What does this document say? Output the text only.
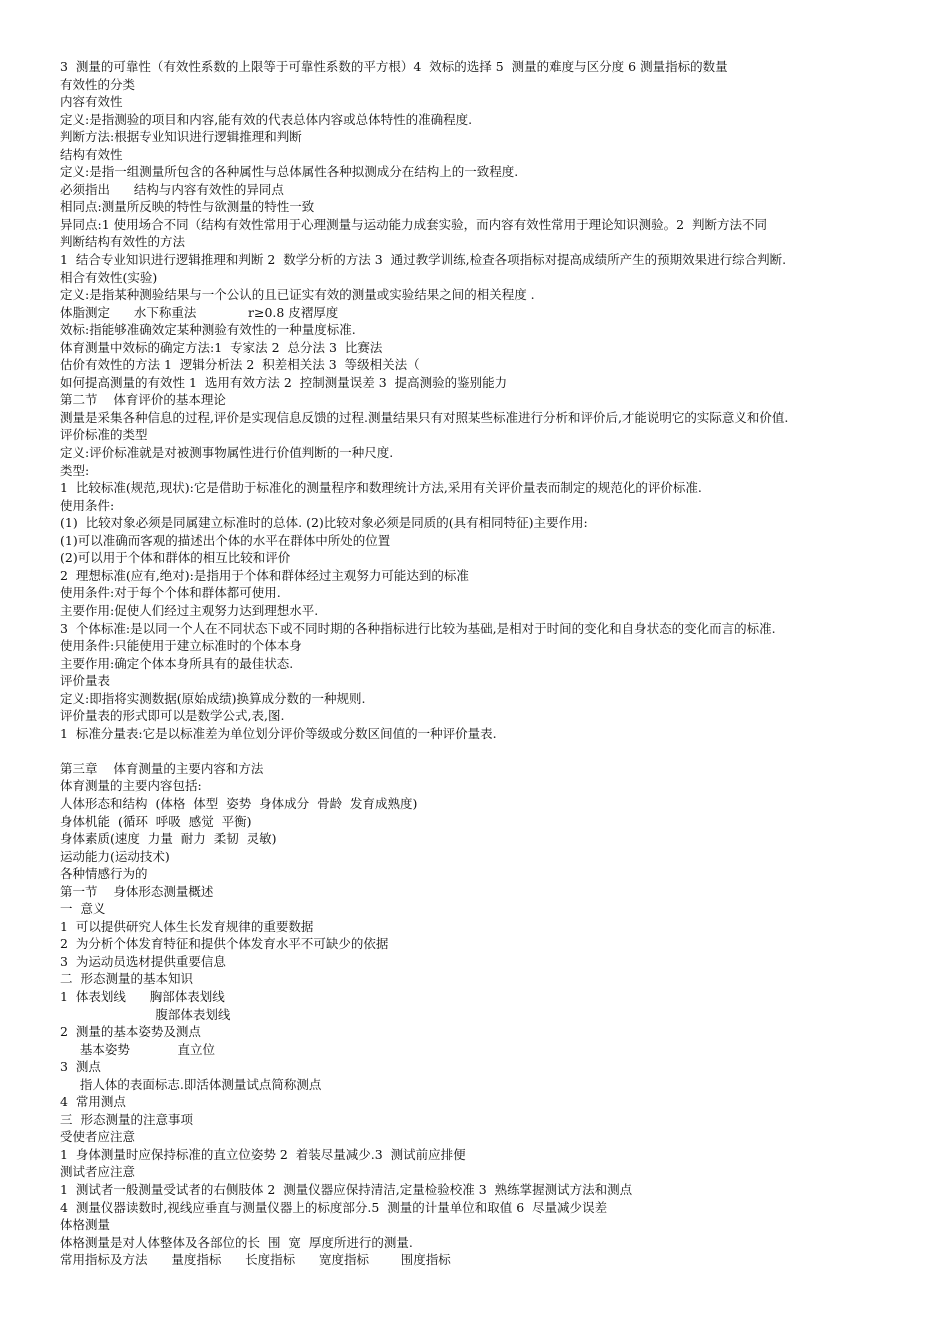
3  测量的可靠性（有效性系数的上限等于可靠性系数的平方根）4  效标的选择 5  测量的难度与区分度 6 测量指标的数量
有效性的分类
内容有效性
定义:是指测验的项目和内容,能有效的代表总体内容或总体特性的准确程度.
判断方法:根据专业知识进行逻辑推理和判断
结构有效性
定义:是指一组测量所包含的各种属性与总体属性各种拟测成分在结构上的一致程度.
必须指出      结构与内容有效性的异同点
相同点:测量所反映的特性与欲测量的特性一致
异同点:1 使用场合不同（结构有效性常用于心理测量与运动能力成套实验，而内容有效性常用于理论知识测验。2  判断方法不同
判断结构有效性的方法
1  结合专业知识进行逻辑推理和判断 2  数学分析的方法 3  通过教学训练,检查各项指标对提高成绩所产生的预期效果进行综合判断.
相合有效性(实验)
定义:是指某种测验结果与一个公认的且已证实有效的测量或实验结果之间的相关程度 .
体脂测定      水下称重法             r≥0.8 皮褶厚度
效标:指能够准确效定某种测验有效性的一种量度标准.
体育测量中效标的确定方法:1  专家法 2  总分法 3  比赛法
估价有效性的方法 1  逻辑分析法 2  积差相关法 3  等级相关法（
如何提高测量的有效性 1  选用有效方法 2  控制测量误差 3  提高测验的鉴别能力
第二节    体育评价的基本理论
测量是采集各种信息的过程,评价是实现信息反馈的过程.测量结果只有对照某些标准进行分析和评价后,才能说明它的实际意义和价值.
评价标准的类型
定义:评价标准就是对被测事物属性进行价值判断的一种尺度.
类型:
1  比较标准(规范,现状):它是借助于标准化的测量程序和数理统计方法,采用有关评价量表而制定的规范化的评价标准.
使用条件:
(1)  比较对象必须是同属建立标准时的总体. (2)比较对象必须是同质的(具有相同特征)主要作用:
(1)可以准确而客观的描述出个体的水平在群体中所处的位置
(2)可以用于个体和群体的相互比较和评价
2  理想标准(应有,绝对):是指用于个体和群体经过主观努力可能达到的标准
使用条件:对于每个个体和群体都可使用.
主要作用:促使人们经过主观努力达到理想水平.
3  个体标准:是以同一个人在不同状态下或不同时期的各种指标进行比较为基础,是相对于时间的变化和自身状态的变化而言的标准.
使用条件:只能使用于建立标准时的个体本身
主要作用:确定个体本身所具有的最佳状态.
评价量表
定义:即指将实测数据(原始成绩)换算成分数的一种规则.
评价量表的形式即可以是数学公式,表,图.
1  标准分量表:它是以标准差为单位划分评价等级或分数区间值的一种评价量表.
第三章    体育测量的主要内容和方法
体育测量的主要内容包括:
人体形态和结构  (体格  体型  姿势  身体成分  骨龄  发育成熟度)
身体机能  (循环  呼吸  感觉  平衡)
身体素质(速度  力量  耐力  柔韧  灵敏)
运动能力(运动技术)
各种情感行为的
第一节    身体形态测量概述
一  意义
1  可以提供研究人体生长发育规律的重要数据
2  为分析个体发育特征和提供个体发育水平不可缺少的依据
3  为运动员选材提供重要信息
二  形态测量的基本知识
1  体表划线      胸部体表划线
腹部体表划线
2  测量的基本姿势及测点
基本姿势            直立位
3  测点
指人体的表面标志.即活体测量试点简称测点
4  常用测点
三  形态测量的注意事项
受使者应注意
1  身体测量时应保持标准的直立位姿势 2  着装尽量减少.3  测试前应排便
测试者应注意
1  测试者一般测量受试者的右侧肢体 2  测量仪器应保持清洁,定量检验校准 3  熟练掌握测试方法和测点
4  测量仪器读数时,视线应垂直与测量仪器上的标度部分.5  测量的计量单位和取值 6  尽量减少误差
体格测量
体格测量是对人体整体及各部位的长  围  宽  厚度所进行的测量.
常用指标及方法      量度指标      长度指标      宽度指标        围度指标
